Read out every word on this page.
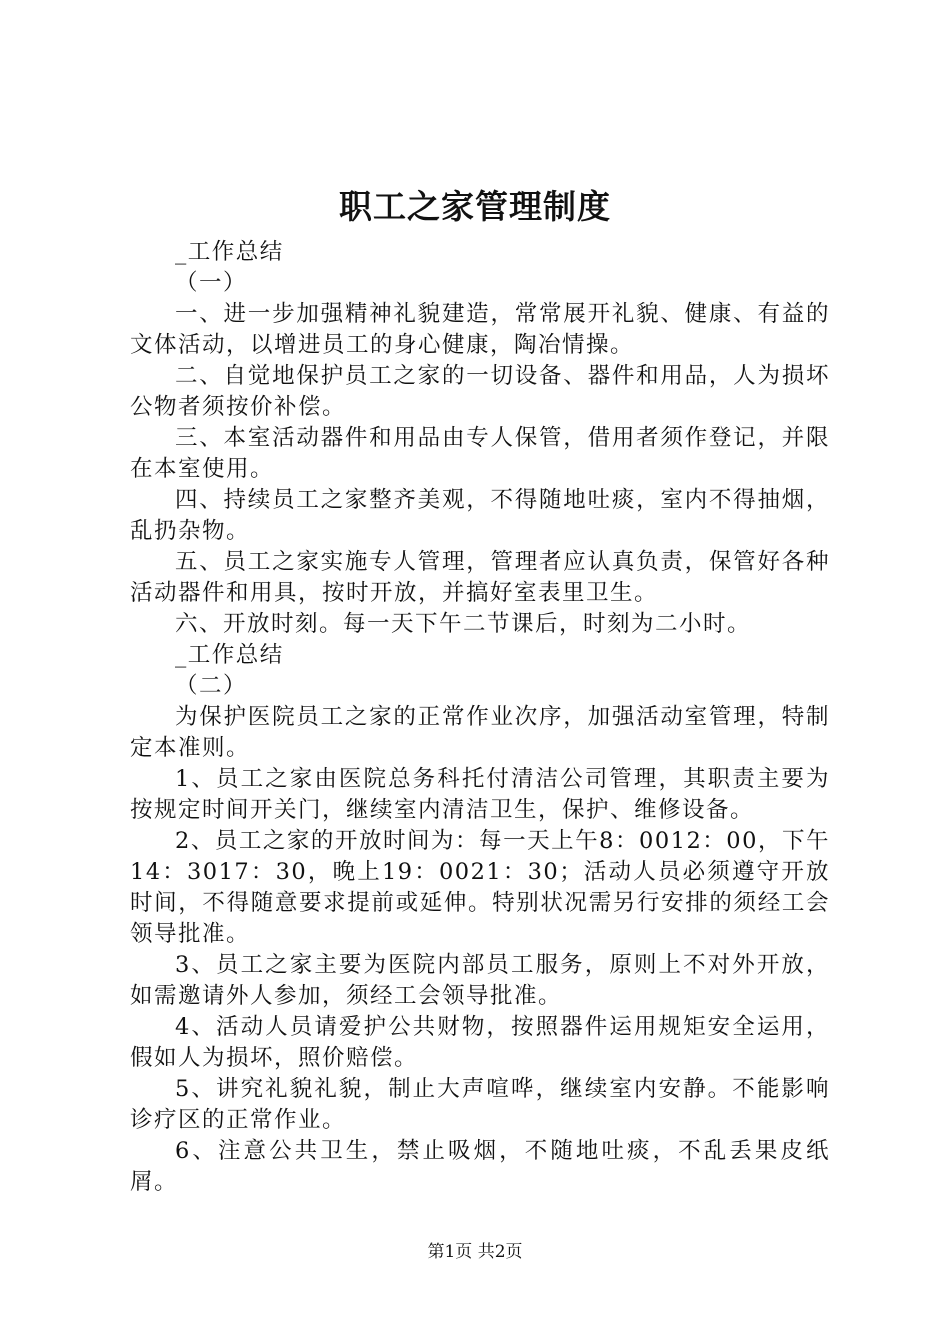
职工之家管理制度

_工作总结

（一）

一、进一步加强精神礼貌建造，常常展开礼貌、健康、有益的文体活动，以增进员工的身心健康，陶冶情操。

二、自觉地保护员工之家的一切设备、器件和用品，人为损坏公物者须按价补偿。

三、本室活动器件和用品由专人保管，借用者须作登记，并限在本室使用。

四、持续员工之家整齐美观，不得随地吐痰，室内不得抽烟，乱扔杂物。

五、员工之家实施专人管理，管理者应认真负责，保管好各种活动器件和用具，按时开放，并搞好室表里卫生。

六、开放时刻。每一天下午二节课后，时刻为二小时。

_工作总结

（二）

为保护医院员工之家的正常作业次序，加强活动室管理，特制定本准则。

1、员工之家由医院总务科托付清洁公司管理，其职责主要为按规定时间开关门，继续室内清洁卫生，保护、维修设备。

2、员工之家的开放时间为：每一天上午8：0012：00，下午14：3017：30，晚上19：0021：30；活动人员必须遵守开放时间，不得随意要求提前或延伸。特别状况需另行安排的须经工会领导批准。

3、员工之家主要为医院内部员工服务，原则上不对外开放，如需邀请外人参加，须经工会领导批准。

4、活动人员请爱护公共财物，按照器件运用规矩安全运用，假如人为损坏，照价赔偿。

5、讲究礼貌礼貌，制止大声喧哗，继续室内安静。不能影响诊疗区的正常作业。

6、注意公共卫生，禁止吸烟，不随地吐痰，不乱丢果皮纸屑。

第1页 共2页
